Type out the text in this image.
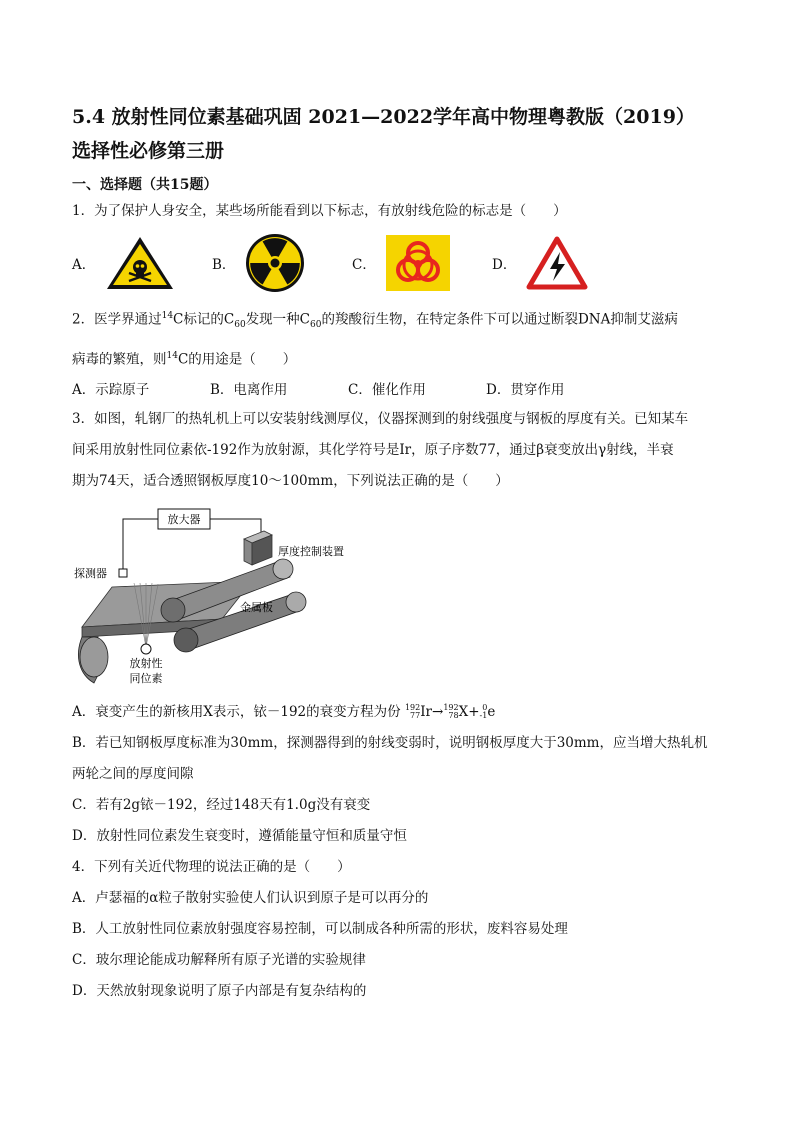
5.4 放射性同位素基础巩固 2021—2022学年高中物理粤教版（2019）
选择性必修第三册
一、选择题（共15题）
1．为了保护人身安全，某些场所能看到以下标志，有放射线危险的标志是（　　）
A．	B．	C．	D．
2．医学界通过$^{14}$C标记的$C_{60}$发现一种$C_{60}$的羧酸衍生物，在特定条件下可以通过断裂DNA抑制艾滋病
病毒的繁殖，则$^{14}$C的用途是（　　）
A．示踪原子	B．电离作用	C．催化作用	D．贯穿作用
3．如图，轧钢厂的热轧机上可以安装射线测厚仪，仪器探测到的射线强度与钢板的厚度有关。已知某车
间采用放射性同位素依-192作为放射源，其化学符号是Ir，原子序数77，通过β衰变放出γ射线，半衰
期为74天，适合透照钢板厚度10～100mm，下列说法正确的是（　　）
放大器
探测器
厚度控制装置
金属板
放射性
同位素
A．衰变产生的新核用X表示，铱－192的衰变方程为份 192
77Ir→192
78X+ 0
-1e
B．若已知钢板厚度标准为30mm，探测器得到的射线变弱时，说明钢板厚度大于30mm，应当增大热轧机
两轮之间的厚度间隙
C．若有2g铱－192，经过148天有1.0g没有衰变
D．放射性同位素发生衰变时，遵循能量守恒和质量守恒
4．下列有关近代物理的说法正确的是（　　）
A．卢瑟福的α粒子散射实验使人们认识到原子是可以再分的
B．人工放射性同位素放射强度容易控制，可以制成各种所需的形状，废料容易处理
C．玻尔理论能成功解释所有原子光谱的实验规律
D．天然放射现象说明了原子内部是有复杂结构的
